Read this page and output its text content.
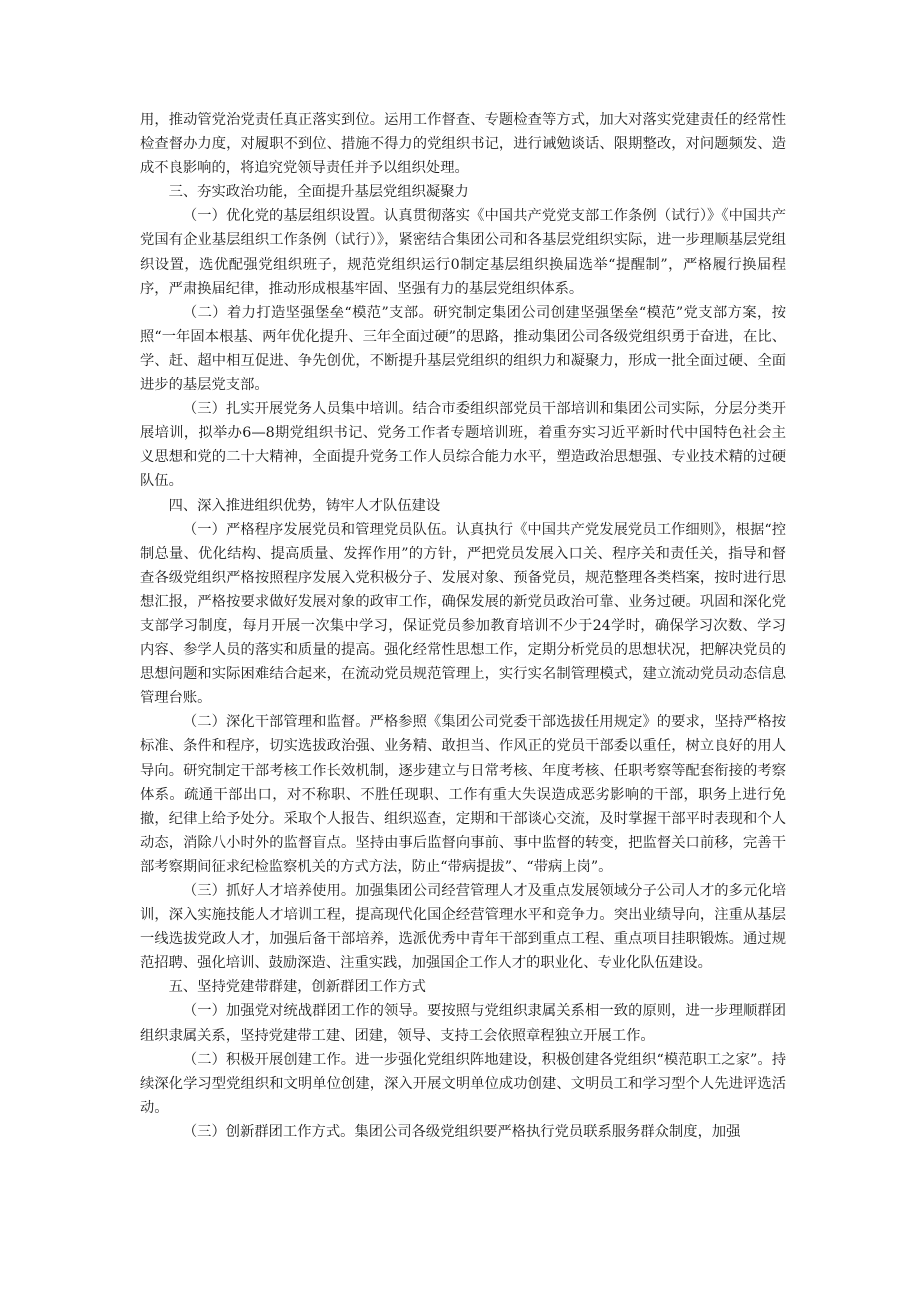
用，推动管党治党责任真正落实到位。运用工作督查、专题检查等方式，加大对落实党建责任的经常性检查督办力度，对履职不到位、措施不得力的党组织书记，进行诫勉谈话、限期整改，对问题频发、造成不良影响的，将追究党领导责任并予以组织处理。

三、夯实政治功能，全面提升基层党组织凝聚力

（一）优化党的基层组织设置。认真贯彻落实《中国共产党党支部工作条例（试行）》《中国共产党国有企业基层组织工作条例（试行）》，紧密结合集团公司和各基层党组织实际，进一步理顺基层党组织设置，选优配强党组织班子，规范党组织运行0制定基层组织换届选举“提醒制”，严格履行换届程序，严肃换届纪律，推动形成根基牢固、坚强有力的基层党组织体系。

（二）着力打造坚强堡垒“模范”支部。研究制定集团公司创建坚强堡垒“模范”党支部方案，按照“一年固本根基、两年优化提升、三年全面过硬”的思路，推动集团公司各级党组织勇于奋进，在比、学、赶、超中相互促进、争先创优，不断提升基层党组织的组织力和凝聚力，形成一批全面过硬、全面进步的基层党支部。

（三）扎实开展党务人员集中培训。结合市委组织部党员干部培训和集团公司实际，分层分类开展培训，拟举办6—8期党组织书记、党务工作者专题培训班，着重夯实习近平新时代中国特色社会主义思想和党的二十大精神，全面提升党务工作人员综合能力水平，塑造政治思想强、专业技术精的过硬队伍。

四、深入推进组织优势，铸牢人才队伍建设

（一）严格程序发展党员和管理党员队伍。认真执行《中国共产党发展党员工作细则》，根据“控制总量、优化结构、提高质量、发挥作用”的方针，严把党员发展入口关、程序关和责任关，指导和督查各级党组织严格按照程序发展入党积极分子、发展对象、预备党员，规范整理各类档案，按时进行思想汇报，严格按要求做好发展对象的政审工作，确保发展的新党员政治可靠、业务过硬。巩固和深化党支部学习制度，每月开展一次集中学习，保证党员参加教育培训不少于24学时，确保学习次数、学习内容、参学人员的落实和质量的提高。强化经常性思想工作，定期分析党员的思想状况，把解决党员的思想问题和实际困难结合起来，在流动党员规范管理上，实行实名制管理模式，建立流动党员动态信息管理台账。

（二）深化干部管理和监督。严格参照《集团公司党委干部选拔任用规定》的要求，坚持严格按标准、条件和程序，切实选拔政治强、业务精、敢担当、作风正的党员干部委以重任，树立良好的用人导向。研究制定干部考核工作长效机制，逐步建立与日常考核、年度考核、任职考察等配套衔接的考察体系。疏通干部出口，对不称职、不胜任现职、工作有重大失误造成恶劣影响的干部，职务上进行免撤，纪律上给予处分。采取个人报告、组织巡查，定期和干部谈心交流，及时掌握干部平时表现和个人动态，消除八小时外的监督盲点。坚持由事后监督向事前、事中监督的转变，把监督关口前移，完善干部考察期间征求纪检监察机关的方式方法，防止“带病提拔”、“带病上岗”。

（三）抓好人才培养使用。加强集团公司经营管理人才及重点发展领域分子公司人才的多元化培训，深入实施技能人才培训工程，提高现代化国企经营管理水平和竞争力。突出业绩导向，注重从基层一线选拔党政人才，加强后备干部培养，选派优秀中青年干部到重点工程、重点项目挂职锻炼。通过规范招聘、强化培训、鼓励深造、注重实践，加强国企工作人才的职业化、专业化队伍建设。

五、坚持党建带群建，创新群团工作方式

（一）加强党对统战群团工作的领导。要按照与党组织隶属关系相一致的原则，进一步理顺群团组织隶属关系，坚持党建带工建、团建，领导、支持工会依照章程独立开展工作。

（二）积极开展创建工作。进一步强化党组织阵地建设，积极创建各党组织“模范职工之家”。持续深化学习型党组织和文明单位创建，深入开展文明单位成功创建、文明员工和学习型个人先进评选活动。

（三）创新群团工作方式。集团公司各级党组织要严格执行党员联系服务群众制度，加强
